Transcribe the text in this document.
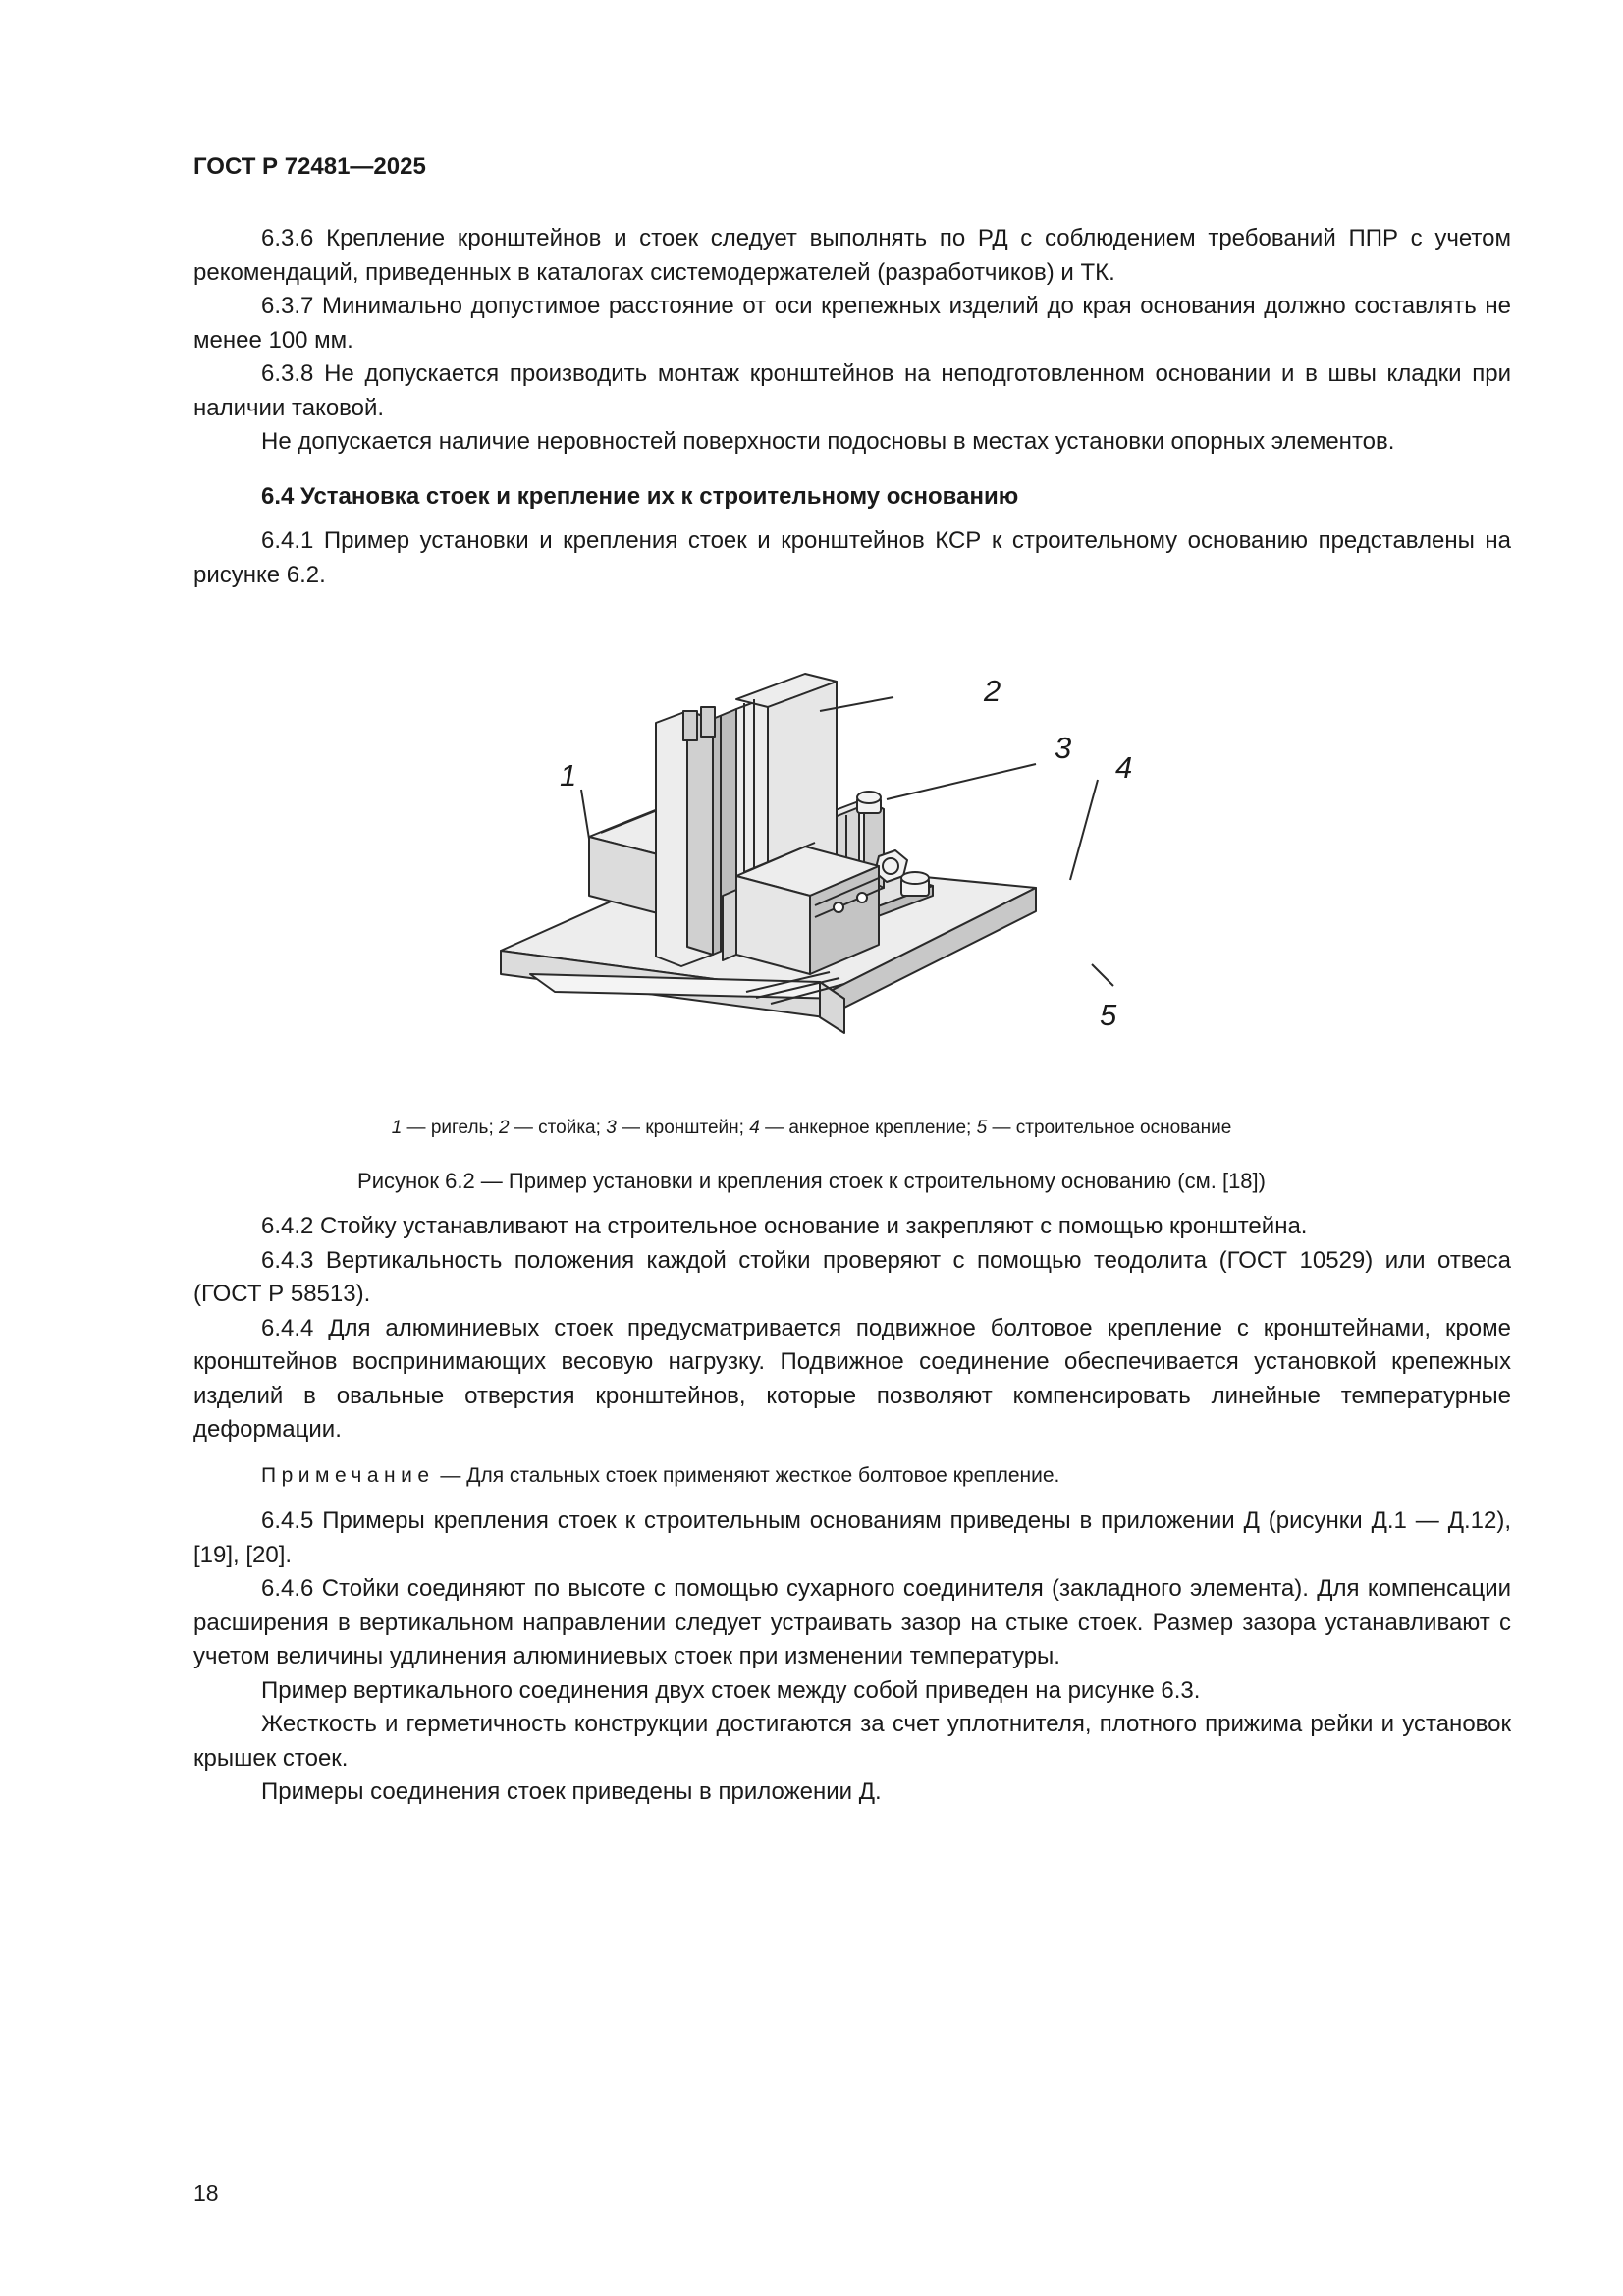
ГОСТ Р 72481—2025

6.3.6 Крепление кронштейнов и стоек следует выполнять по РД с соблюдением требований ППР с учетом рекомендаций, приведенных в каталогах системодержателей (разработчиков) и ТК.

6.3.7 Минимально допустимое расстояние от оси крепежных изделий до края основания должно составлять не менее 100 мм.

6.3.8 Не допускается производить монтаж кронштейнов на неподготовленном основании и в швы кладки при наличии таковой.

Не допускается наличие неровностей поверхности подосновы в местах установки опорных элементов.

6.4 Установка стоек и крепление их к строительному основанию

6.4.1 Пример установки и крепления стоек и кронштейнов КСР к строительному основанию представлены на рисунке 6.2.

1
2
3
4
5
1 — ригель; 2 — стойка; 3 — кронштейн; 4 — анкерное крепление; 5 — строительное основание
Рисунок 6.2 — Пример установки и крепления стоек к строительному основанию (см. [18])

6.4.2 Стойку устанавливают на строительное основание и закрепляют с помощью кронштейна.

6.4.3 Вертикальность положения каждой стойки проверяют с помощью теодолита (ГОСТ 10529) или отвеса (ГОСТ Р 58513).

6.4.4 Для алюминиевых стоек предусматривается подвижное болтовое крепление с кронштейнами, кроме кронштейнов воспринимающих весовую нагрузку. Подвижное соединение обеспечивается установкой крепежных изделий в овальные отверстия кронштейнов, которые позволяют компенсировать линейные температурные деформации.

Примечание — Для стальных стоек применяют жесткое болтовое крепление.

6.4.5 Примеры крепления стоек к строительным основаниям приведены в приложении Д (рисунки Д.1 — Д.12), [19], [20].

6.4.6 Стойки соединяют по высоте с помощью сухарного соединителя (закладного элемента). Для компенсации расширения в вертикальном направлении следует устраивать зазор на стыке стоек. Размер зазора устанавливают с учетом величины удлинения алюминиевых стоек при изменении температуры.

Пример вертикального соединения двух стоек между собой приведен на рисунке 6.3.

Жесткость и герметичность конструкции достигаются за счет уплотнителя, плотного прижима рейки и установок крышек стоек.

Примеры соединения стоек приведены в приложении Д.

18
